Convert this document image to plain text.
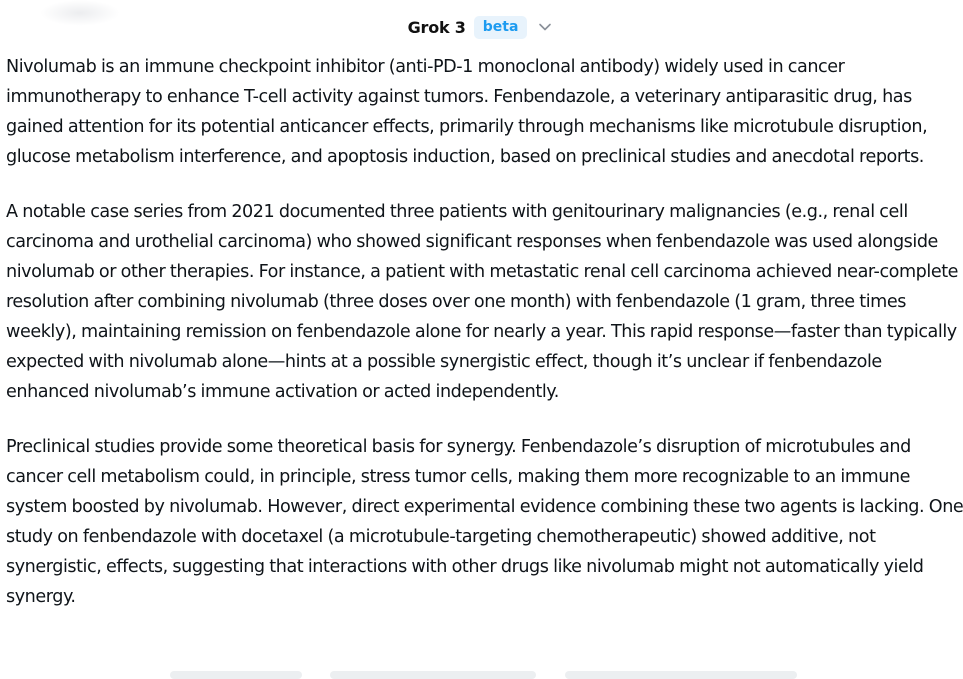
Grok 3	beta

Nivolumab is an immune checkpoint inhibitor (anti-PD-1 monoclonal antibody) widely used in cancer immunotherapy to enhance T-cell activity against tumors. Fenbendazole, a veterinary antiparasitic drug, has gained attention for its potential anticancer effects, primarily through mechanisms like microtubule disruption, glucose metabolism interference, and apoptosis induction, based on preclinical studies and anecdotal reports.

A notable case series from 2021 documented three patients with genitourinary malignancies (e.g., renal cell carcinoma and urothelial carcinoma) who showed significant responses when fenbendazole was used alongside nivolumab or other therapies. For instance, a patient with metastatic renal cell carcinoma achieved near-complete resolution after combining nivolumab (three doses over one month) with fenbendazole (1 gram, three times weekly), maintaining remission on fenbendazole alone for nearly a year. This rapid response—faster than typically expected with nivolumab alone—hints at a possible synergistic effect, though it’s unclear if fenbendazole enhanced nivolumab’s immune activation or acted independently.

Preclinical studies provide some theoretical basis for synergy. Fenbendazole’s disruption of microtubules and cancer cell metabolism could, in principle, stress tumor cells, making them more recognizable to an immune system boosted by nivolumab. However, direct experimental evidence combining these two agents is lacking. One study on fenbendazole with docetaxel (a microtubule-targeting chemotherapeutic) showed additive, not synergistic, effects, suggesting that interactions with other drugs like nivolumab might not automatically yield synergy.
